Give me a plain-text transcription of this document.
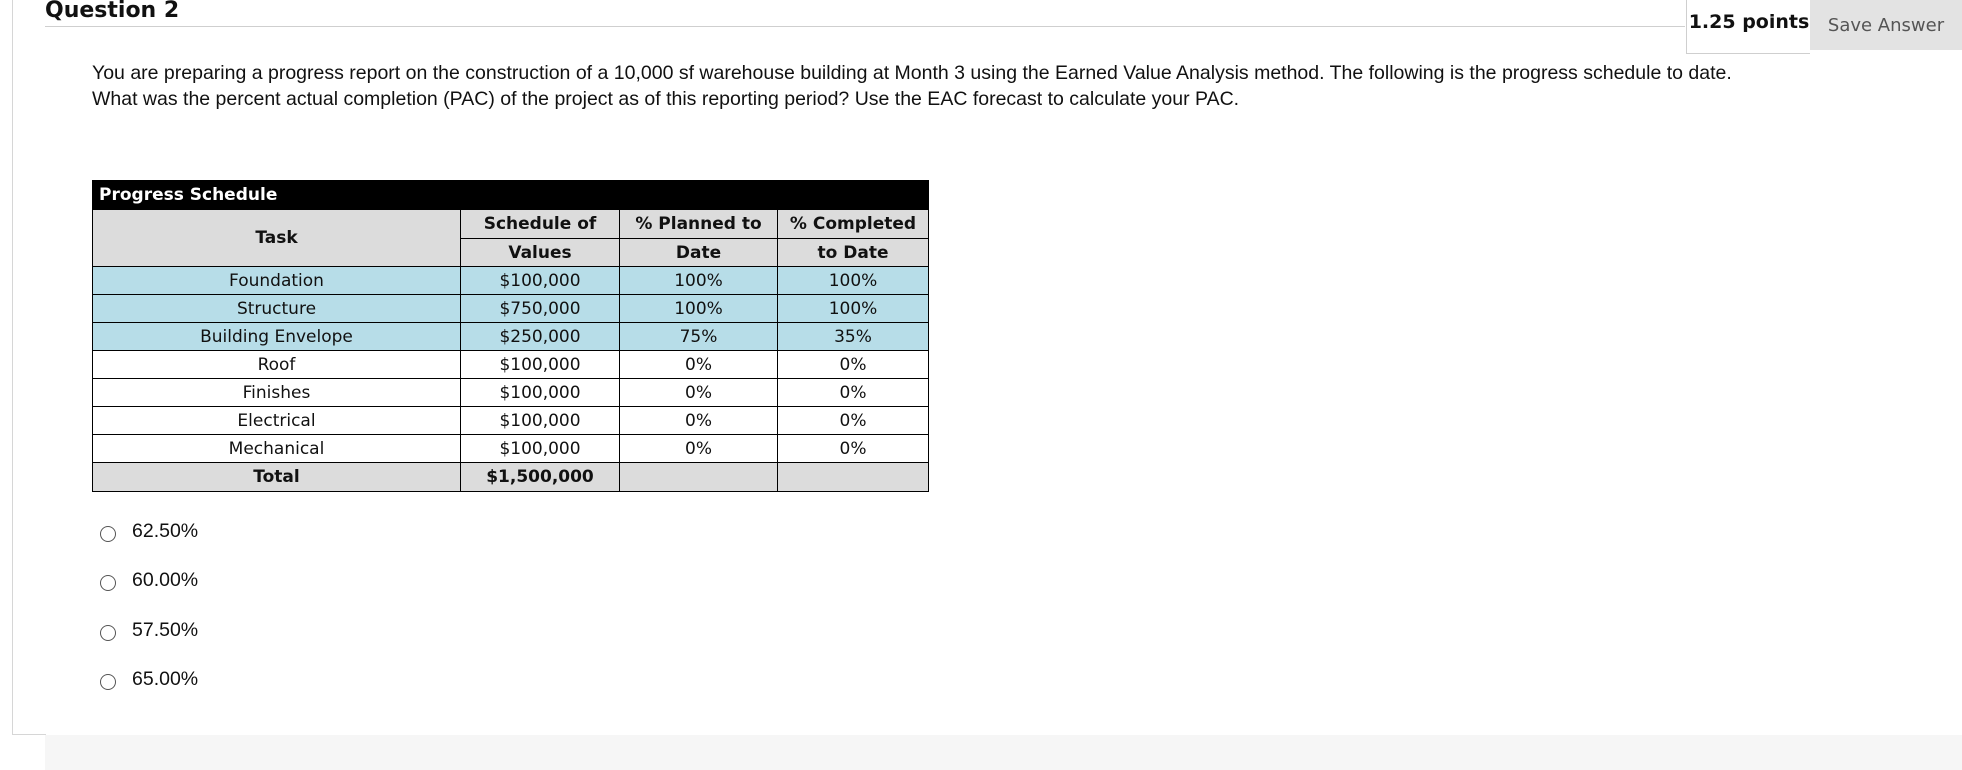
Question 2	1.25 points	Save Answer

You are preparing a progress report on the construction of a 10,000 sf warehouse building at Month 3 using the Earned Value Analysis method. The following is the progress schedule to date.

What was the percent actual completion (PAC) of the project as of this reporting period? Use the EAC forecast to calculate your PAC.

Progress Schedule			
Task	Schedule of	% Planned to	% Completed
	Values	Date	to Date
Foundation	$100,000	100%	100%
Structure	$750,000	100%	100%
Building Envelope	$250,000	75%	35%
Roof	$100,000	0%	0%
Finishes	$100,000	0%	0%
Electrical	$100,000	0%	0%
Mechanical	$100,000	0%	0%
Total	$1,500,000		
62.50%
60.00%
57.50%
65.00%
